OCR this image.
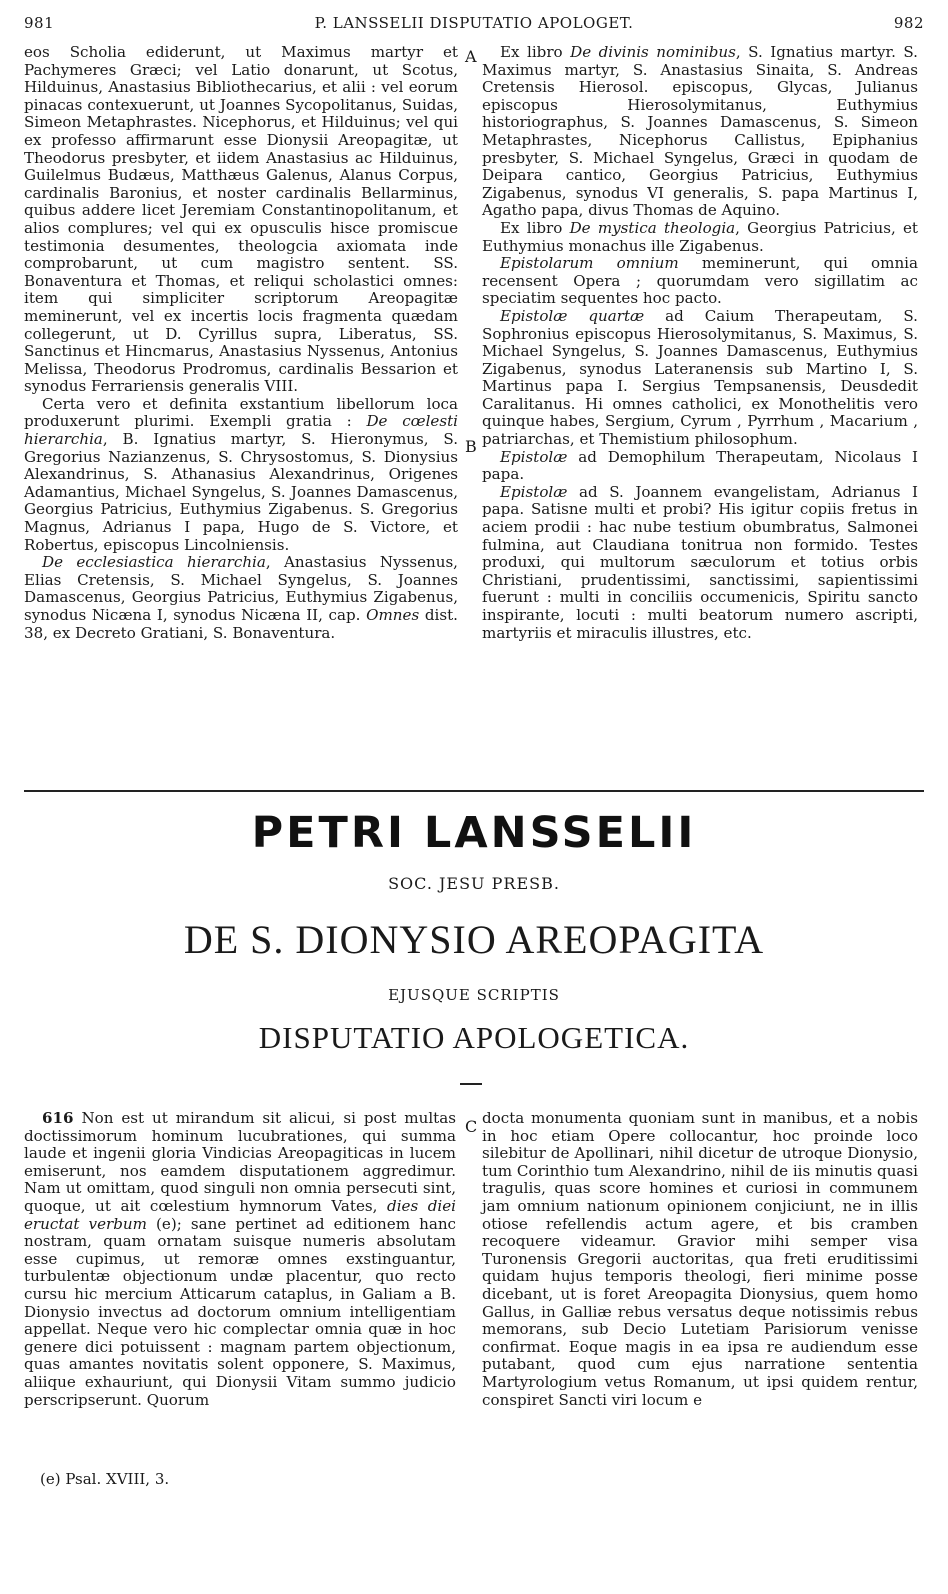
981	P. LANSSELII DISPUTATIO APOLOGET.	982
A
B
C

eos Scholia ediderunt, ut Maximus martyr et Pachymeres Græci; vel Latio donarunt, ut Scotus, Hilduinus, Anastasius Bibliothecarius, et alii : vel eorum pinacas contexuerunt, ut Joannes Sycopolitanus, Suidas, Simeon Metaphrastes. Nicephorus, et Hilduinus; vel qui ex professo affirmarunt esse Dionysii Areopagitæ, ut Theodorus presbyter, et iidem Anastasius ac Hilduinus, Guilelmus Budæus, Matthæus Galenus, Alanus Corpus, cardinalis Baronius, et noster cardinalis Bellarminus, quibus addere licet Jeremiam Constantinopolitanum, et alios complures; vel qui ex opusculis hisce promiscue testimonia desumentes, theologcia axiomata inde comprobarunt, ut cum magistro sentent. SS. Bonaventura et Thomas, et reliqui scholastici omnes: item qui simpliciter scriptorum Areopagitæ meminerunt, vel ex incertis locis fragmenta quædam collegerunt, ut D. Cyrillus supra, Liberatus, SS. Sanctinus et Hincmarus, Anastasius Nyssenus, Antonius Melissa, Theodorus Prodromus, cardinalis Bessarion et synodus Ferrariensis generalis VIII.

Certa vero et definita exstantium libellorum loca produxerunt plurimi. Exempli gratia : De cœlesti hierarchia, B. Ignatius martyr, S. Hieronymus, S. Gregorius Nazianzenus, S. Chrysostomus, S. Dionysius Alexandrinus, S. Athanasius Alexandrinus, Origenes Adamantius, Michael Syngelus, S. Joannes Damascenus, Georgius Patricius, Euthymius Zigabenus. S. Gregorius Magnus, Adrianus I papa, Hugo de S. Victore, et Robertus, episcopus Lincolniensis.

De ecclesiastica hierarchia, Anastasius Nyssenus, Elias Cretensis, S. Michael Syngelus, S. Joannes Damascenus, Georgius Patricius, Euthymius Zigabenus, synodus Nicæna I, synodus Nicæna II, cap. Omnes dist. 38, ex Decreto Gratiani, S. Bonaventura.

Ex libro De divinis nominibus, S. Ignatius martyr. S. Maximus martyr, S. Anastasius Sinaita, S. Andreas Cretensis Hierosol. episcopus, Glycas, Julianus episcopus Hierosolymitanus, Euthymius historiographus, S. Joannes Damascenus, S. Simeon Metaphrastes, Nicephorus Callistus, Epiphanius presbyter, S. Michael Syngelus, Græci in quodam de Deipara cantico, Georgius Patricius, Euthymius Zigabenus, synodus VI generalis, S. papa Martinus I, Agatho papa, divus Thomas de Aquino.

Ex libro De mystica theologia, Georgius Patricius, et Euthymius monachus ille Zigabenus.

Epistolarum omnium meminerunt, qui omnia recensent Opera ; quorumdam vero sigillatim ac speciatim sequentes hoc pacto.

Epistolæ quartæ ad Caium Therapeutam, S. Sophronius episcopus Hierosolymitanus, S. Maximus, S. Michael Syngelus, S. Joannes Damascenus, Euthymius Zigabenus, synodus Lateranensis sub Martino I, S. Martinus papa I. Sergius Tempsanensis, Deusdedit Caralitanus. Hi omnes catholici, ex Monothelitis vero quinque habes, Sergium, Cyrum , Pyrrhum , Macarium , patriarchas, et Themistium philosophum.

Epistolæ ad Demophilum Therapeutam, Nicolaus I papa.

Epistolæ ad S. Joannem evangelistam, Adrianus I papa. Satisne multi et probi? His igitur copiis fretus in aciem prodii : hac nube testium obumbratus, Salmonei fulmina, aut Claudiana tonitrua non formido. Testes produxi, qui multorum sæculorum et totius orbis Christiani, prudentissimi, sanctissimi, sapientissimi fuerunt : multi in conciliis occumenicis, Spiritu sancto inspirante, locuti : multi beatorum numero ascripti, martyriis et miraculis illustres, etc.

PETRI LANSSELII
SOC. JESU PRESB.
DE S. DIONYSIO AREOPAGITA
EJUSQUE SCRIPTIS
DISPUTATIO APOLOGETICA.

616 Non est ut mirandum sit alicui, si post multas doctissimorum hominum lucubrationes, qui summa laude et ingenii gloria Vindicias Areopagiticas in lucem emiserunt, nos eamdem disputationem aggredimur. Nam ut omittam, quod singuli non omnia persecuti sint, quoque, ut ait cœlestium hymnorum Vates, dies diei eructat verbum (e); sane pertinet ad editionem hanc nostram, quam ornatam suisque numeris absolutam esse cupimus, ut remoræ omnes exstinguantur, turbulentæ objectionum undæ placentur, quo recto cursu hic mercium Atticarum cataplus, in Galiam a B. Dionysio invectus ad doctorum omnium intelligentiam appellat. Neque vero hic complectar omnia quæ in hoc genere dici potuissent : magnam partem objectionum, quas amantes novitatis solent opponere, S. Maximus, aliique exhauriunt, qui Dionysii Vitam summo judicio perscripserunt. Quorum

docta monumenta quoniam sunt in manibus, et a nobis in hoc etiam Opere collocantur, hoc proinde loco silebitur de Apollinari, nihil dicetur de utroque Dionysio, tum Corinthio tum Alexandrino, nihil de iis minutis quasi tragulis, quas score homines et curiosi in communem jam omnium nationum opinionem conjiciunt, ne in illis otiose refellendis actum agere, et bis cramben recoquere videamur. Gravior mihi semper visa Turonensis Gregorii auctoritas, qua freti eruditissimi quidam hujus temporis theologi, fieri minime posse dicebant, ut is foret Areopagita Dionysius, quem homo Gallus, in Galliæ rebus versatus deque notissimis rebus memorans, sub Decio Lutetiam Parisiorum venisse confirmat. Eoque magis in ea ipsa re audiendum esse putabant, quod cum ejus narratione sententia Martyrologium vetus Romanum, ut ipsi quidem rentur, conspiret Sancti viri locum e

(e) Psal. XVIII, 3.
